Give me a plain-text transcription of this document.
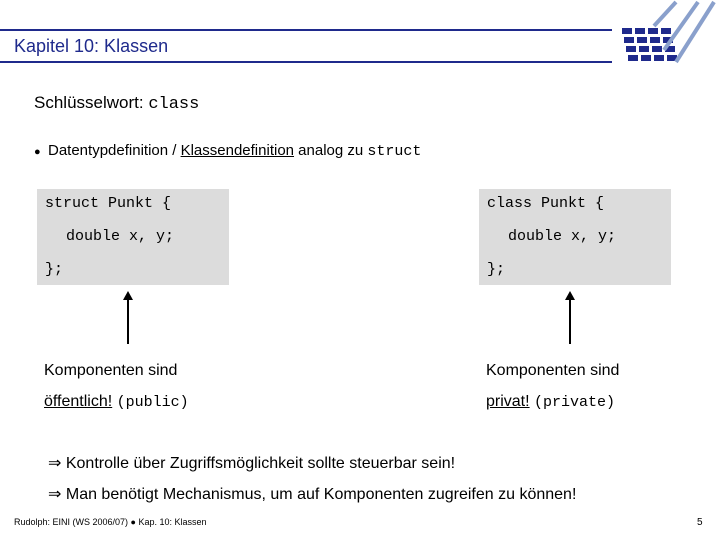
Kapitel 10: Klassen
Schlüsselwort: class
● Datentypdefinition / Klassendefinition analog zu struct
struct Punkt {
double x, y;
};
class Punkt {
double x, y;
};
Komponenten sind
öffentlich! (public)
Komponenten sind
privat! (private)
⇒ Kontrolle über Zugriffsmöglichkeit sollte steuerbar sein!
⇒ Man benötigt Mechanismus, um auf Komponenten zugreifen zu können!
Rudolph: EINI (WS 2006/07) ● Kap. 10: Klassen	5
